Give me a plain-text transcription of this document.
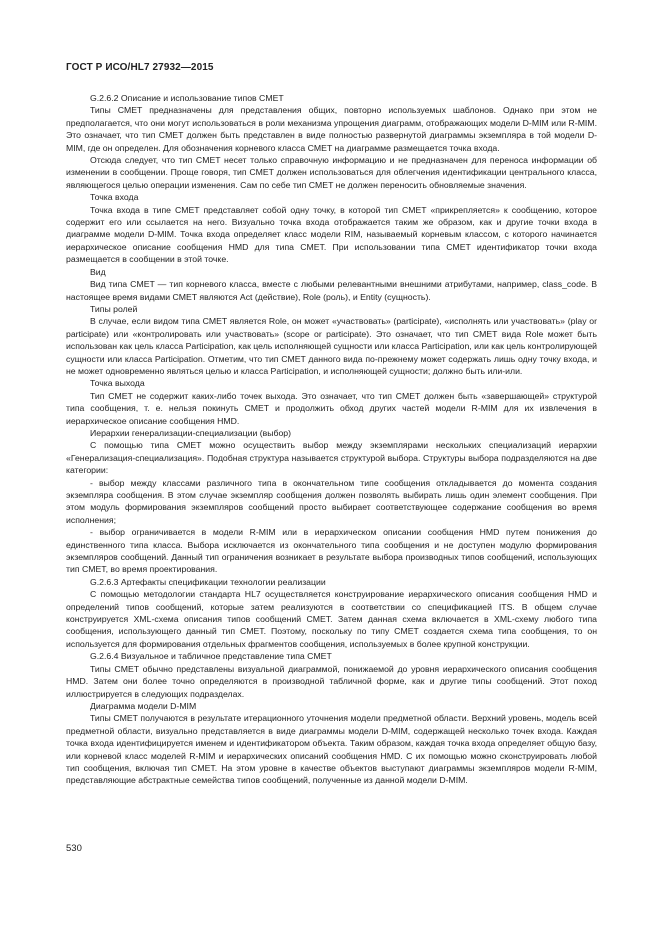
ГОСТ Р ИСО/HL7 27932—2015

G.2.6.2 Описание и использование типов CMET

Типы CMET предназначены для представления общих, повторно используемых шаблонов. Однако при этом не предполагается, что они могут использоваться в роли механизма упрощения диаграмм, отображающих модели D-MIM или R-MIM. Это означает, что тип CMET должен быть представлен в виде полностью развернутой диаграммы экземпляра в той модели D-MIM, где он определен. Для обозначения корневого класса CMET на диаграмме размещается точка входа.

Отсюда следует, что тип CMET несет только справочную информацию и не предназначен для переноса информации об изменении в сообщении. Проще говоря, тип CMET должен использоваться для облегчения идентификации центрального класса, являющегося целью операции изменения. Сам по себе тип CMET не должен переносить обновляемые значения.

Точка входа

Точка входа в типе CMET представляет собой одну точку, в которой тип CMET «прикрепляется» к сообщению, которое содержит его или ссылается на него. Визуально точка входа отображается таким же образом, как и другие точки входа в диаграмме модели D-MIM. Точка входа определяет класс модели RIM, называемый корневым классом, с которого начинается иерархическое описание сообщения HMD для типа CMET. При использовании типа CMET идентификатор точки входа размещается в сообщении в этой точке.

Вид

Вид типа CMET — тип корневого класса, вместе с любыми релевантными внешними атрибутами, например, class_code. В настоящее время видами CMET являются Act (действие), Role (роль), и Entity (сущность).

Типы ролей

В случае, если видом типа CMET является Role, он может «участвовать» (participate), «исполнять или участвовать» (play or participate) или «контролировать или участвовать» (scope or participate). Это означает, что тип CMET вида Role может быть использован как цель класса Participation, как цель исполняющей сущности или класса Participation, или как цель контролирующей сущности или класса Participation. Отметим, что тип CMET данного вида по-прежнему может содержать лишь одну точку входа, и не может одновременно являться целью и класса Participation, и исполняющей сущности; должно быть или-или.

Точка выхода

Тип CMET не содержит каких-либо точек выхода. Это означает, что тип CMET должен быть «завершающей» структурой типа сообщения, т. е. нельзя покинуть CMET и продолжить обход других частей модели R-MIM для их извлечения в иерархическое описание сообщения HMD.

Иерархии генерализации-специализации (выбор)

С помощью типа CMET можно осуществить выбор между экземплярами нескольких специализаций иерархии «Генерализация-специализация». Подобная структура называется структурой выбора. Структуры выбора подразделяются на две категории:

- выбор между классами различного типа в окончательном типе сообщения откладывается до момента создания экземпляра сообщения. В этом случае экземпляр сообщения должен позволять выбирать лишь один элемент сообщения. При этом модуль формирования экземпляров сообщений просто выбирает соответствующее содержание сообщения во время исполнения;

- выбор ограничивается в модели R-MIM или в иерархическом описании сообщения HMD путем понижения до единственного типа класса. Выбора исключается из окончательного типа сообщения и не доступен модулю формирования экземпляров сообщений. Данный тип ограничения возникает в результате выбора производных типов сообщений, использующих тип CMET, во время проектирования.

G.2.6.3 Артефакты спецификации технологии реализации

С помощью методологии стандарта HL7 осуществляется конструирование иерархического описания сообщения HMD и определений типов сообщений, которые затем реализуются в соответствии со спецификацией ITS. В общем случае конструируется XML-схема описания типов сообщений CMET. Затем данная схема включается в XML-схему любого типа сообщения, использующего данный тип CMET. Поэтому, поскольку по типу CMET создается схема типа сообщения, то он используется для формирования отдельных фрагментов сообщения, используемых в более крупной конструкции.

G.2.6.4 Визуальное и табличное представление типа CMET

Типы CMET обычно представлены визуальной диаграммой, понижаемой до уровня иерархического описания сообщения HMD. Затем они более точно определяются в производной табличной форме, как и другие типы сообщений. Этот поход иллюстрируется в следующих подразделах.

Диаграмма модели D-MIM

Типы CMET получаются в результате итерационного уточнения модели предметной области. Верхний уровень, модель всей предметной области, визуально представляется в виде диаграммы модели D-MIM, содержащей несколько точек входа. Каждая точка входа идентифицируется именем и идентификатором объекта. Таким образом, каждая точка входа определяет общую базу, или корневой класс моделей R-MIM и иерархических описаний сообщения HMD. С их помощью можно сконструировать любой тип сообщения, включая тип CMET. На этом уровне в качестве объектов выступают диаграммы экземпляров модели R-MIM, представляющие абстрактные семейства типов сообщений, полученные из данной модели D-MIM.

530
